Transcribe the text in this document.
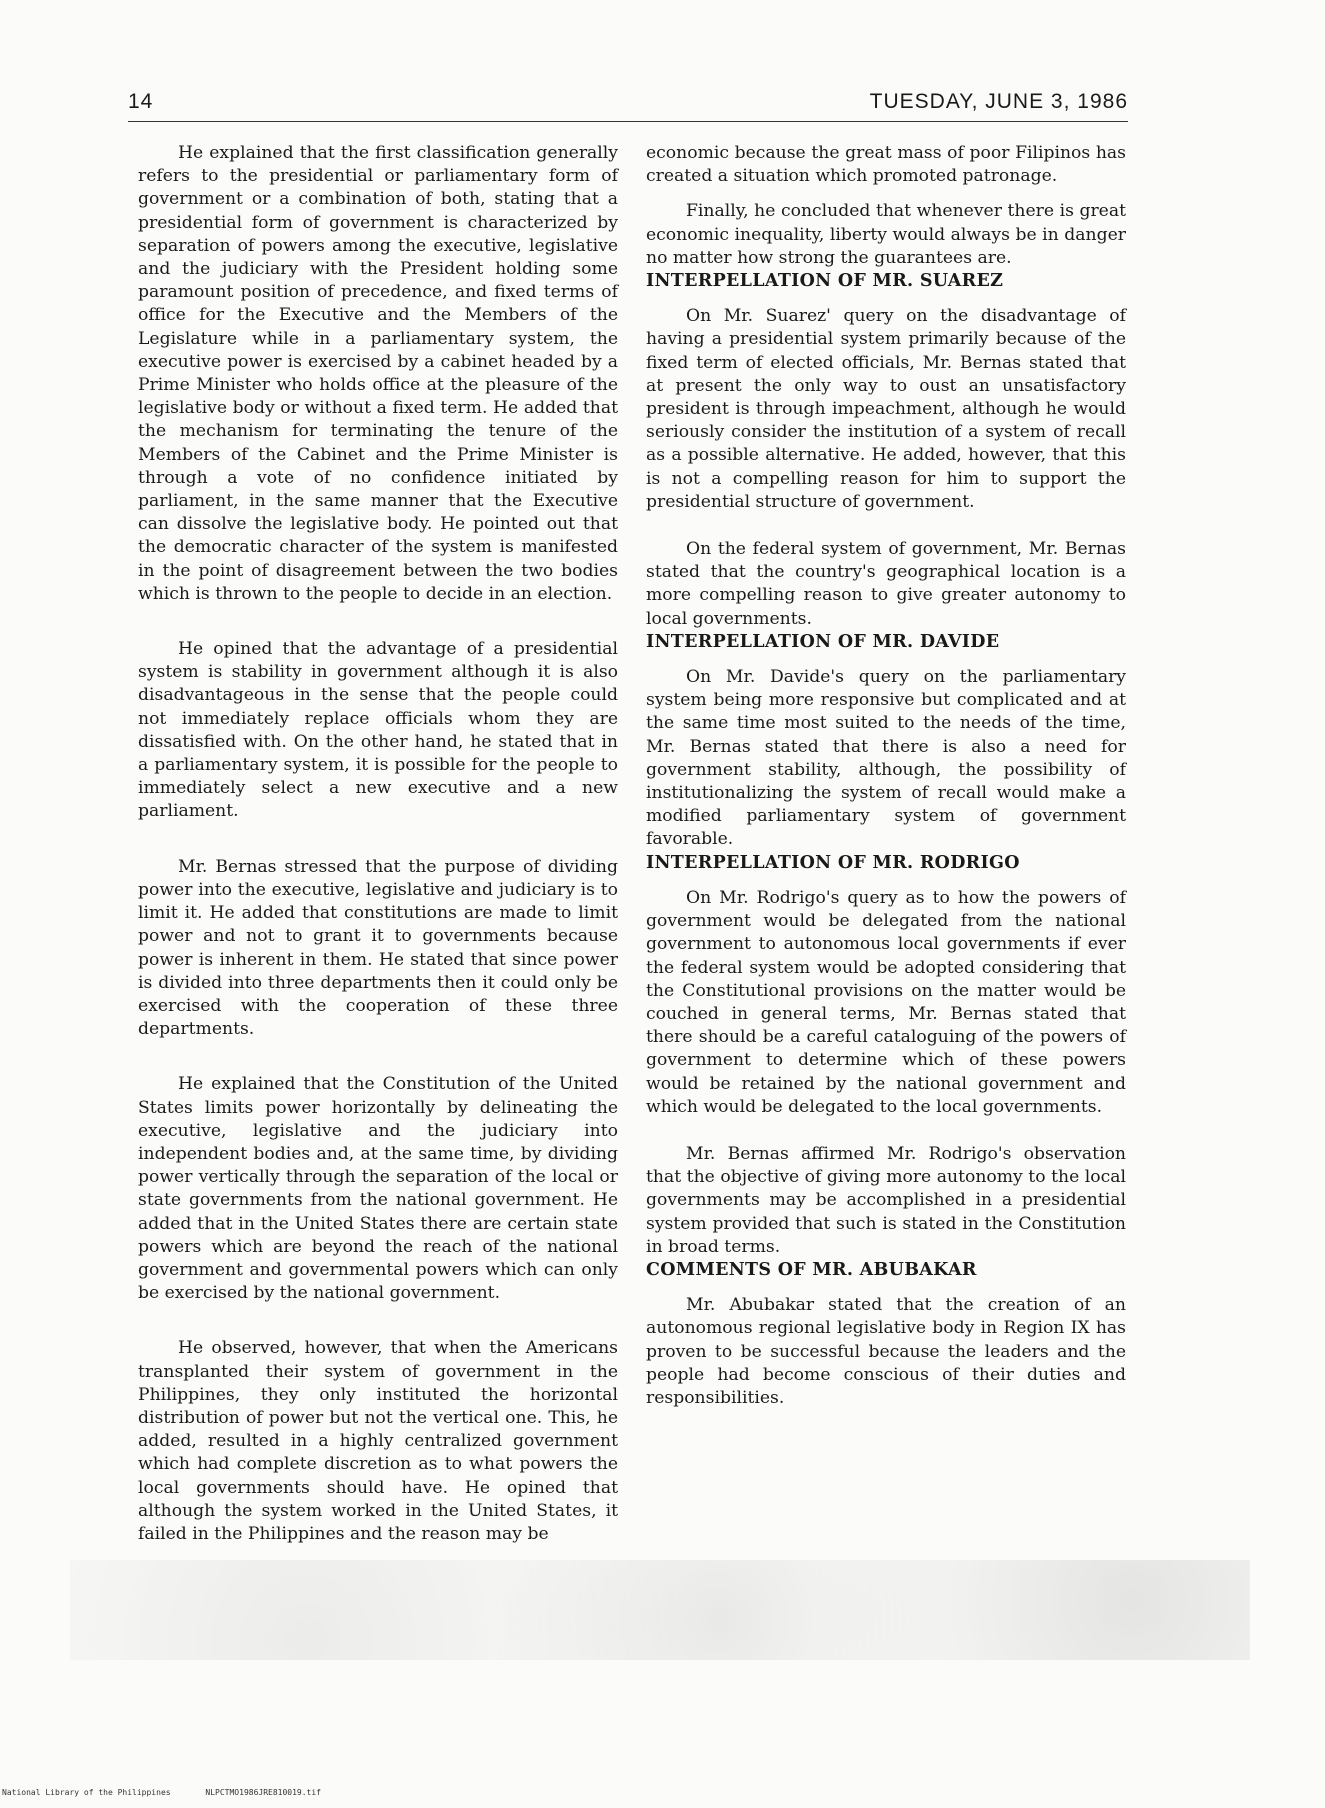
14	TUESDAY, JUNE 3, 1986

He explained that the first classification generally refers to the presidential or parliamentary form of government or a combination of both, stating that a presidential form of government is characterized by separation of powers among the executive, legislative and the judiciary with the President holding some paramount position of precedence, and fixed terms of office for the Executive and the Members of the Legislature while in a parliamentary system, the executive power is exercised by a cabinet headed by a Prime Minister who holds office at the pleasure of the legislative body or without a fixed term. He added that the mechanism for terminating the tenure of the Members of the Cabinet and the Prime Minister is through a vote of no confidence initiated by parliament, in the same manner that the Executive can dissolve the legislative body. He pointed out that the democratic character of the system is manifested in the point of disagreement between the two bodies which is thrown to the people to decide in an election.

He opined that the advantage of a presidential system is stability in government although it is also disadvantageous in the sense that the people could not immediately replace officials whom they are dissatisfied with. On the other hand, he stated that in a parliamentary system, it is possible for the people to immediately select a new executive and a new parliament.

Mr. Bernas stressed that the purpose of dividing power into the executive, legislative and judiciary is to limit it. He added that constitutions are made to limit power and not to grant it to governments because power is inherent in them. He stated that since power is divided into three departments then it could only be exercised with the cooperation of these three departments.

He explained that the Constitution of the United States limits power horizontally by delineating the executive, legislative and the judiciary into independent bodies and, at the same time, by dividing power vertically through the separation of the local or state governments from the national government. He added that in the United States there are certain state powers which are beyond the reach of the national government and governmental powers which can only be exercised by the national government.

He observed, however, that when the Americans transplanted their system of government in the Philippines, they only instituted the horizontal distribution of power but not the vertical one. This, he added, resulted in a highly centralized government which had complete discretion as to what powers the local governments should have. He opined that although the system worked in the United States, it failed in the Philippines and the reason may be

economic because the great mass of poor Filipinos has created a situation which promoted patronage.

Finally, he concluded that whenever there is great economic inequality, liberty would always be in danger no matter how strong the guarantees are.

INTERPELLATION OF MR. SUAREZ

On Mr. Suarez' query on the disadvantage of having a presidential system primarily because of the fixed term of elected officials, Mr. Bernas stated that at present the only way to oust an unsatisfactory president is through impeachment, although he would seriously consider the institution of a system of recall as a possible alternative. He added, however, that this is not a compelling reason for him to support the presidential structure of government.

On the federal system of government, Mr. Bernas stated that the country's geographical location is a more compelling reason to give greater autonomy to local governments.

INTERPELLATION OF MR. DAVIDE

On Mr. Davide's query on the parliamentary system being more responsive but complicated and at the same time most suited to the needs of the time, Mr. Bernas stated that there is also a need for government stability, although, the possibility of institutionalizing the system of recall would make a modified parliamentary system of government favorable.

INTERPELLATION OF MR. RODRIGO

On Mr. Rodrigo's query as to how the powers of government would be delegated from the national government to autonomous local governments if ever the federal system would be adopted considering that the Constitutional provisions on the matter would be couched in general terms, Mr. Bernas stated that there should be a careful cataloguing of the powers of government to determine which of these powers would be retained by the national government and which would be delegated to the local governments.

Mr. Bernas affirmed Mr. Rodrigo's observation that the objective of giving more autonomy to the local governments may be accomplished in a presidential system provided that such is stated in the Constitution in broad terms.

COMMENTS OF MR. ABUBAKAR

Mr. Abubakar stated that the creation of an autonomous regional legislative body in Region IX has proven to be successful because the leaders and the people had become conscious of their duties and responsibilities.

National Library of the Philippines	NLPCTMO1986JRE810019.tif
